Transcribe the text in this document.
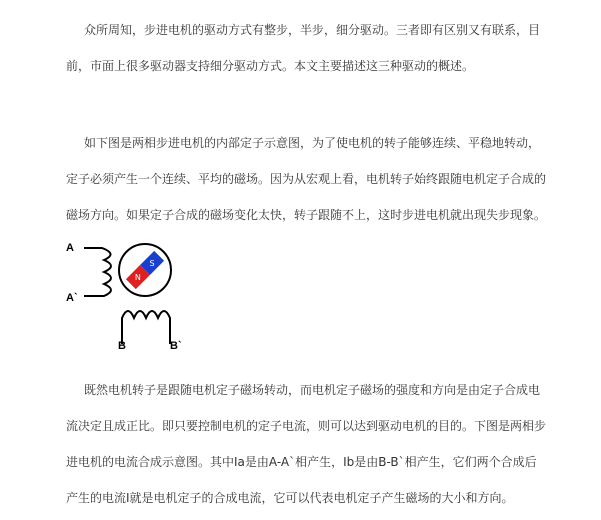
众所周知，步进电机的驱动方式有整步，半步，细分驱动。三者即有区别又有联系，目
前，市面上很多驱动器支持细分驱动方式。本文主要描述这三种驱动的概述。
如下图是两相步进电机的内部定子示意图，为了使电机的转子能够连续、平稳地转动，
定子必须产生一个连续、平均的磁场。因为从宏观上看，电机转子始终跟随电机定子合成的
磁场方向。如果定子合成的磁场变化太快，转子跟随不上，这时步进电机就出现失步现象。
N
S
A
A`
B	B`
既然电机转子是跟随电机定子磁场转动，而电机定子磁场的强度和方向是由定子合成电
流决定且成正比。即只要控制电机的定子电流，则可以达到驱动电机的目的。下图是两相步
进电机的电流合成示意图。其中Ia是由A-A`相产生，Ib是由B-B`相产生，它们两个合成后
产生的电流I就是电机定子的合成电流，它可以代表电机定子产生磁场的大小和方向。
